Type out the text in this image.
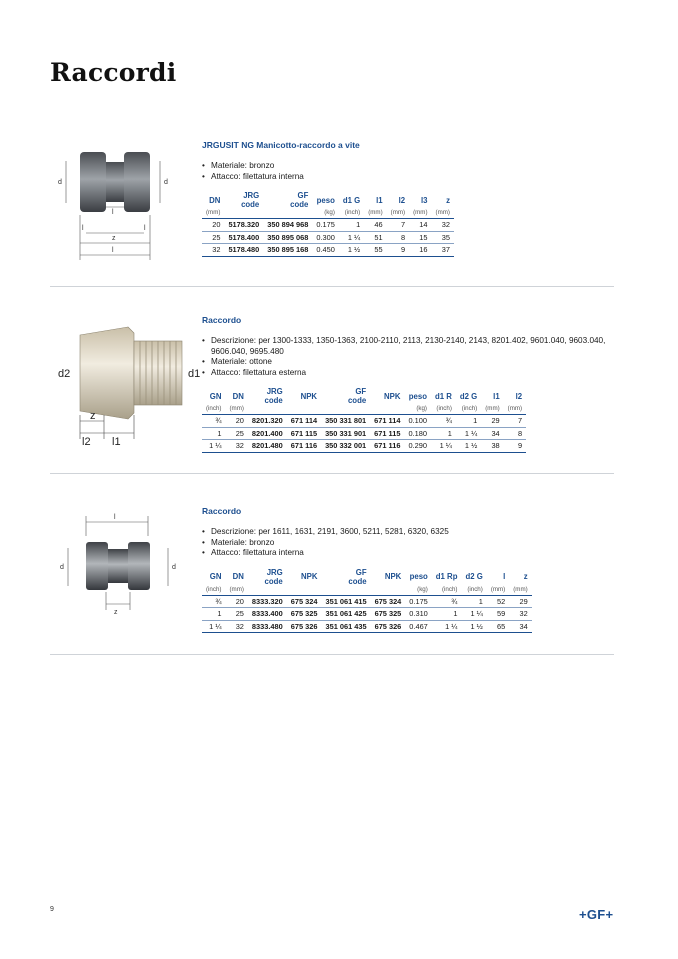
Raccordi
d	d
l
l	l
z
l
JRGUSIT NG Manicotto-raccordo a vite
• Materiale: bronzo
• Attacco: filettatura interna
DN	JRG
code	GF
code	peso	d1 G	l1	l2	l3	z
(mm)			(kg)	(inch)	(mm)	(mm)	(mm)	(mm)
20	5178.320	350 894 968	0.175	1	46	7	14	32
25	5178.400	350 895 068	0.300	1 ¼	51	8	15	35
32	5178.480	350 895 168	0.450	1 ½	55	9	16	37
d2	d1
z
l2 l1
Raccordo
• Descrizione: per 1300-1333, 1350-1363, 2100-2110, 2113, 2130-2140, 2143, 8201.402, 9601.040, 9603.040, 9606.040, 9695.480
• Materiale: ottone
• Attacco: filettatura esterna
GN	DN	JRG
code	NPK	GF
code	NPK	peso	d1 R	d2 G	l1	l2
(inch)	(mm)					(kg)	(inch)	(inch)	(mm)	(mm)
¾	20	8201.320	671 114	350 331 801	671 114	0.100	¾	1	29	7
1	25	8201.400	671 115	350 331 901	671 115	0.180	1	1 ¼	34	8
1 ¼	32	8201.480	671 116	350 332 001	671 116	0.290	1 ¼	1 ½	38	9
l
d	d
z
Raccordo
• Descrizione: per 1611, 1631, 2191, 3600, 5211, 5281, 6320, 6325
• Materiale: bronzo
• Attacco: filettatura interna
GN	DN	JRG
code	NPK	GF
code	NPK	peso	d1 Rp	d2 G	l	z
(inch)	(mm)					(kg)	(inch)	(inch)	(mm)	(mm)
¾	20	8333.320	675 324	351 061 415	675 324	0.175	¾	1	52	29
1	25	8333.400	675 325	351 061 425	675 325	0.310	1	1 ¼	59	32
1 ¼	32	8333.480	675 326	351 061 435	675 326	0.467	1 ¼	1 ½	65	34
9	+GF+
